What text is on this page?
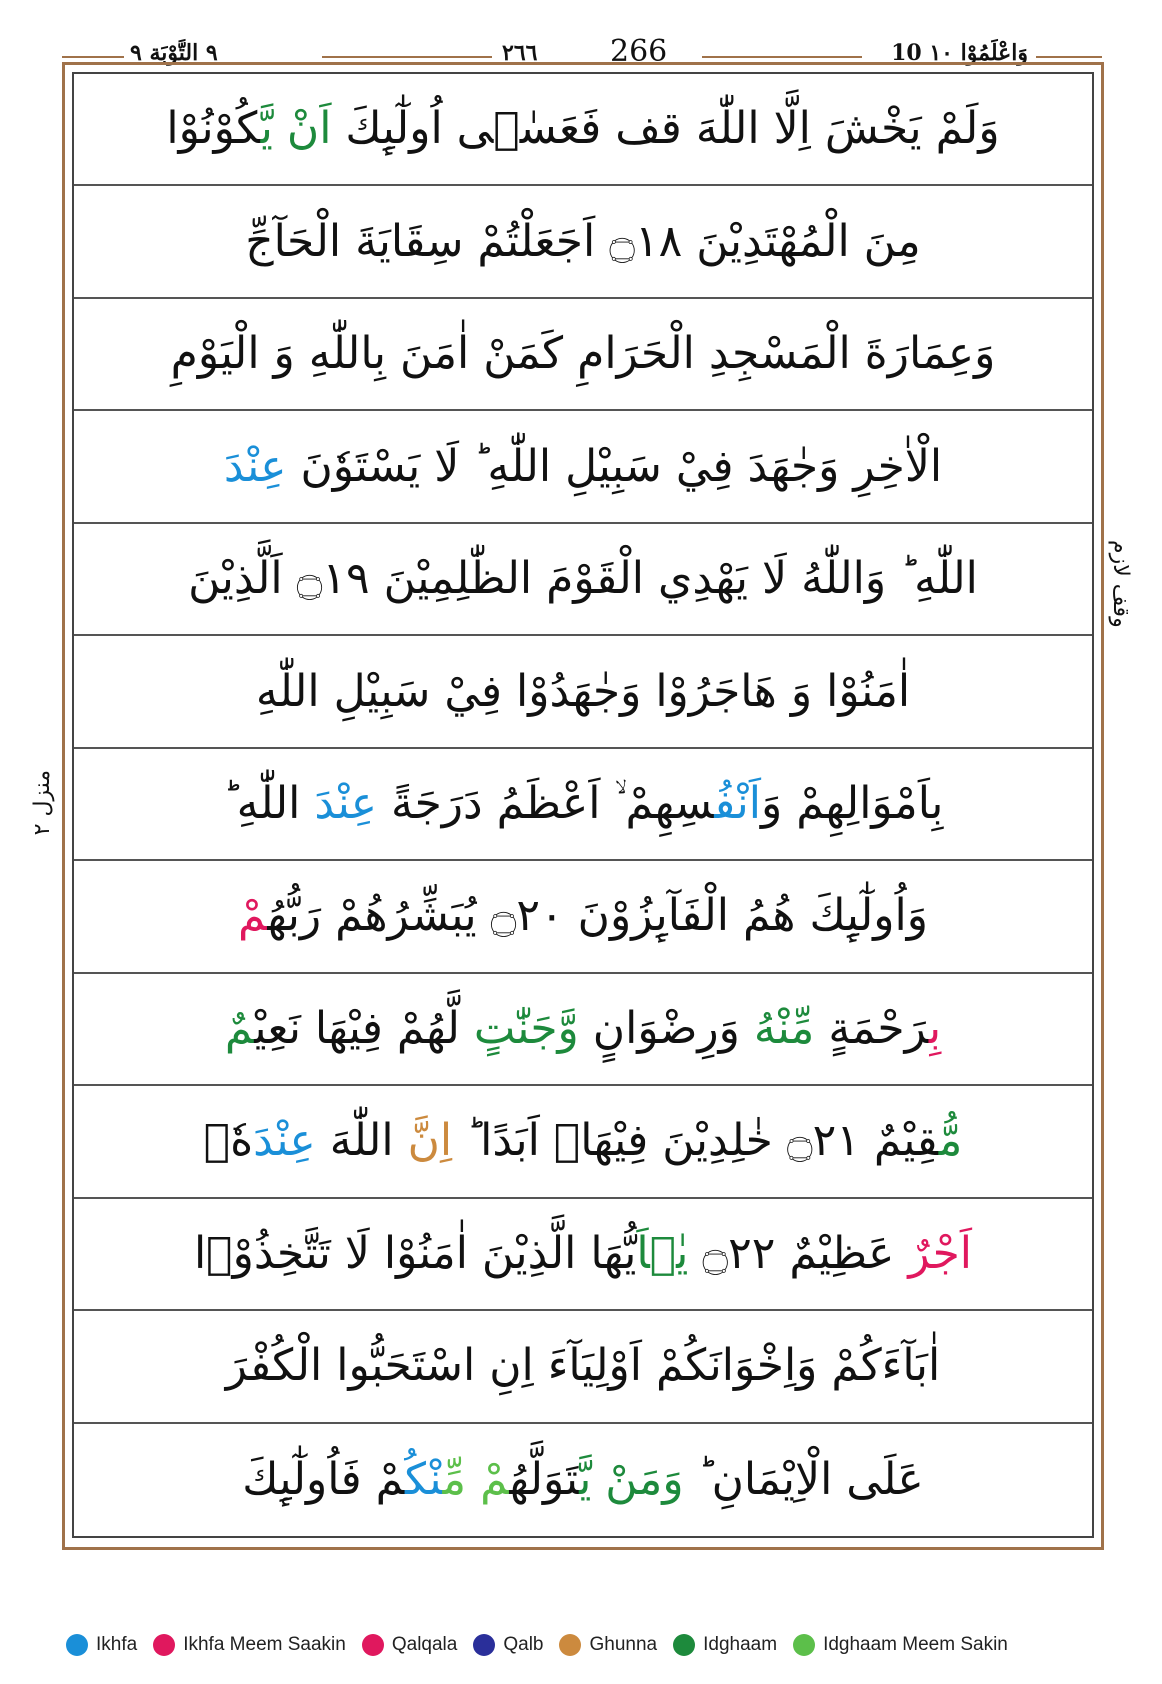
٩ التَّوْبَة ٩	٢٦٦ 266	10 وَاعْلَمُوْا ١٠
وَلَمْ يَخْشَ اِلَّا اللّٰهَ قف فَعَسٰۤى اُولٰٓىِٕكَ اَنْ يَّكُوْنُوْا
مِنَ الْمُهْتَدِيْنَ ۝١٨ اَجَعَلْتُمْ سِقَايَةَ الْحَآجِّ
وَعِمَارَةَ الْمَسْجِدِ الْحَرَامِ كَمَنْ اٰمَنَ بِاللّٰهِ وَ الْيَوْمِ
الْاٰخِرِ وَجٰهَدَ فِيْ سَبِيْلِ اللّٰهِ ؕ لَا يَسْتَوٗنَ عِنْدَ
اللّٰهِ ؕ وَاللّٰهُ لَا يَهْدِي الْقَوْمَ الظّٰلِمِيْنَ ۝١٩ اَلَّذِيْنَ
اٰمَنُوْا وَ هَاجَرُوْا وَجٰهَدُوْا فِيْ سَبِيْلِ اللّٰهِ
بِاَمْوَالِهِمْ وَاَنْفُسِهِمْ ۙ اَعْظَمُ دَرَجَةً عِنْدَ اللّٰهِ ؕ
وَاُولٰٓىِٕكَ هُمُ الْفَآىِٕزُوْنَ ۝٢٠ يُبَشِّرُهُمْ رَبُّهُمْ
بِرَحْمَةٍ مِّنْهُ وَرِضْوَانٍ وَّجَنّٰتٍ لَّهُمْ فِيْهَا نَعِيْمٌ
مُّقِيْمٌ ۝٢١ خٰلِدِيْنَ فِيْهَاۤ اَبَدًا ؕ اِنَّ اللّٰهَ عِنْدَهٗۤ
اَجْرٌ عَظِيْمٌ ۝٢٢ يٰۤاَيُّهَا الَّذِيْنَ اٰمَنُوْا لَا تَتَّخِذُوْۤا
اٰبَآءَكُمْ وَاِخْوَانَكُمْ اَوْلِيَآءَ اِنِ اسْتَحَبُّوا الْكُفْرَ
عَلَى الْاِيْمَانِ ؕ وَمَنْ يَّتَوَلَّهُمْ مِّنْكُمْ فَاُولٰٓىِٕكَ
وقف لازم
منزل ٢
Ikhfa Ikhfa Meem Saakin Qalqala Qalb Ghunna Idghaam Idghaam Meem Sakin
